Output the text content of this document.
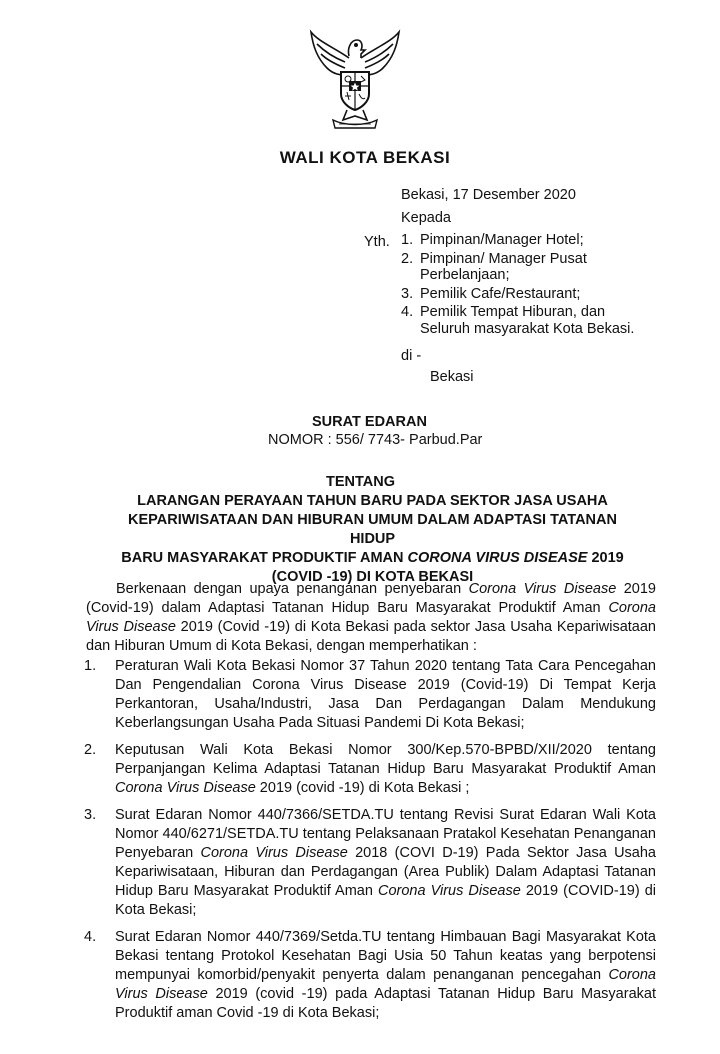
WALI KOTA BEKASI
Bekasi, 17 Desember 2020
Kepada
Yth. 1. Pimpinan/Manager Hotel;
2. Pimpinan/ Manager Pusat Perbelanjaan;
3. Pemilik Cafe/Restaurant;
4. Pemilik Tempat Hiburan, dan Seluruh masyarakat Kota Bekasi.
di -
Bekasi
SURAT EDARAN
NOMOR : 556/ 7743- Parbud.Par
TENTANG
LARANGAN PERAYAAN TAHUN BARU PADA SEKTOR JASA USAHA
KEPARIWISATAAN DAN HIBURAN UMUM DALAM ADAPTASI TATANAN HIDUP
BARU MASYARAKAT PRODUKTIF AMAN CORONA VIRUS DISEASE 2019
(COVID -19) DI KOTA BEKASI
Berkenaan dengan upaya penanganan penyebaran Corona Virus Disease 2019 (Covid-19) dalam Adaptasi Tatanan Hidup Baru Masyarakat Produktif Aman Corona Virus Disease 2019 (Covid -19) di Kota Bekasi pada sektor Jasa Usaha Kepariwisataan dan Hiburan Umum di Kota Bekasi, dengan memperhatikan :
1.	Peraturan Wali Kota Bekasi Nomor 37 Tahun 2020 tentang Tata Cara Pencegahan Dan Pengendalian Corona Virus Disease 2019 (Covid-19) Di Tempat Kerja Perkantoran, Usaha/Industri, Jasa Dan Perdagangan Dalam Mendukung Keberlangsungan Usaha Pada Situasi Pandemi Di Kota Bekasi;
2.	Keputusan Wali Kota Bekasi Nomor 300/Kep.570-BPBD/XII/2020 tentang Perpanjangan Kelima Adaptasi Tatanan Hidup Baru Masyarakat Produktif Aman Corona Virus Disease 2019 (covid -19) di Kota Bekasi ;
3.	Surat Edaran Nomor 440/7366/SETDA.TU tentang Revisi Surat Edaran Wali Kota Nomor 440/6271/SETDA.TU tentang Pelaksanaan Pratakol Kesehatan Penanganan Penyebaran Corona Virus Disease 2018 (COVI D-19) Pada Sektor Jasa Usaha Kepariwisataan, Hiburan dan Perdagangan (Area Publik) Dalam Adaptasi Tatanan Hidup Baru Masyarakat Produktif Aman Corona Virus Disease 2019 (COVID-19) di Kota Bekasi;
4.	Surat Edaran Nomor 440/7369/Setda.TU tentang Himbauan Bagi Masyarakat Kota Bekasi tentang Protokol Kesehatan Bagi Usia 50 Tahun keatas yang berpotensi mempunyai komorbid/penyakit penyerta dalam penanganan pencegahan Corona Virus Disease 2019 (covid -19) pada Adaptasi Tatanan Hidup Baru Masyarakat Produktif aman Covid -19 di Kota Bekasi;
